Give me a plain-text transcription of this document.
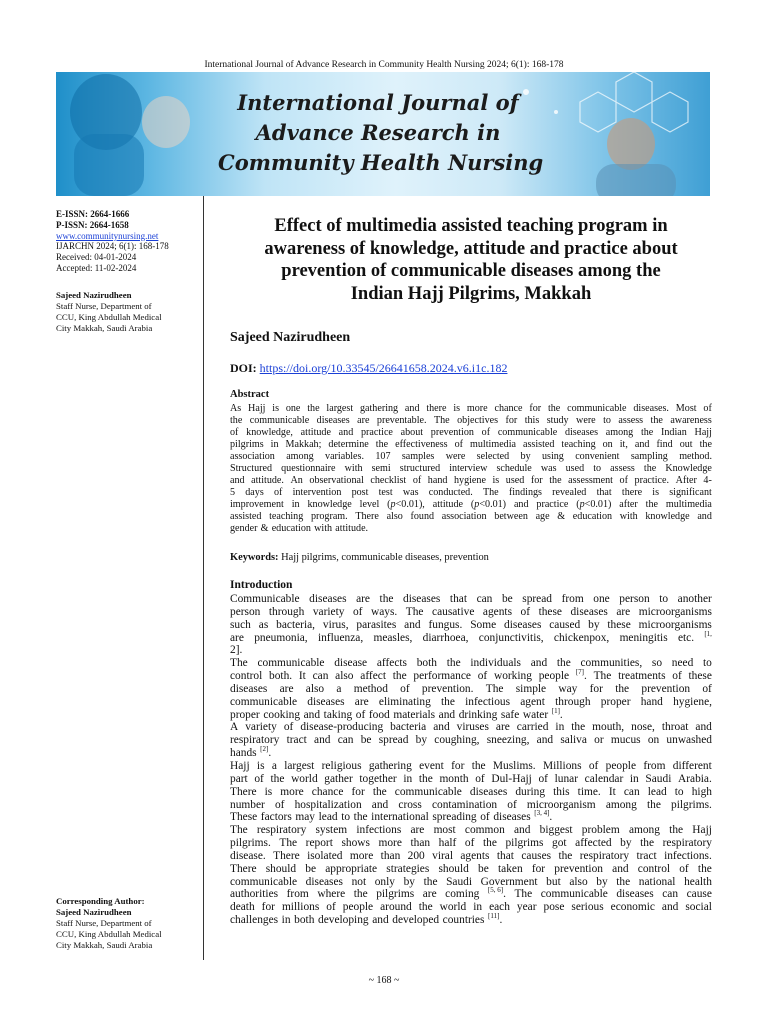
International Journal of Advance Research in Community Health Nursing 2024; 6(1): 168-178
International Journal of
Advance Research in
Community Health Nursing
E-ISSN: 2664-1666
P-ISSN: 2664-1658
www.communitynursing.net
IJARCHN 2024; 6(1): 168-178
Received: 04-01-2024
Accepted: 11-02-2024
Sajeed Nazirudheen
Staff Nurse, Department of
CCU, King Abdullah Medical
City Makkah, Saudi Arabia
Corresponding Author:
Sajeed Nazirudheen
Staff Nurse, Department of
CCU, King Abdullah Medical
City Makkah, Saudi Arabia
Effect of multimedia assisted teaching program in
awareness of knowledge, attitude and practice about
prevention of communicable diseases among the
Indian Hajj Pilgrims, Makkah
Sajeed Nazirudheen
DOI: https://doi.org/10.33545/26641658.2024.v6.i1c.182
Abstract
As Hajj is one the largest gathering and there is more chance for the communicable diseases. Most of
the communicable diseases are preventable. The objectives for this study were to assess the awareness
of knowledge, attitude and practice about prevention of communicable diseases among the Indian Hajj
pilgrims in Makkah; determine the effectiveness of multimedia assisted teaching on it, and find out the
association among variables. 107 samples were selected by using convenient sampling method.
Structured questionnaire with semi structured interview schedule was used to assess the Knowledge
and attitude. An observational checklist of hand hygiene is used for the assessment of practice. After 4-
5 days of intervention post test was conducted. The findings revealed that there is significant
improvement in knowledge level (p<0.01), attitude (p<0.01) and practice (p<0.01) after the multimedia
assisted teaching program. There also found association between age & education with knowledge and
gender & education with attitude.
Keywords: Hajj pilgrims, communicable diseases, prevention
Introduction
Communicable diseases are the diseases that can be spread from one person to another
person through variety of ways. The causative agents of these diseases are microorganisms
such as bacteria, virus, parasites and fungus. Some diseases caused by these microorganisms
are pneumonia, influenza, measles, diarrhoea, conjunctivitis, chickenpox, meningitis etc. $^{[1,}$
2].
The communicable disease affects both the individuals and the communities, so need to
control both. It can also affect the performance of working people [7]. The treatments of these
diseases are also a method of prevention. The simple way for the prevention of
communicable diseases are eliminating the infectious agent through proper hand hygiene,
proper cooking and taking of food materials and drinking safe water [1].
A variety of disease-producing bacteria and viruses are carried in the mouth, nose, throat and
respiratory tract and can be spread by coughing, sneezing, and saliva or mucus on unwashed
hands [2].
Hajj is a largest religious gathering event for the Muslims. Millions of people from different
part of the world gather together in the month of Dul-Hajj of lunar calendar in Saudi Arabia.
There is more chance for the communicable diseases during this time. It can lead to high
number of hospitalization and cross contamination of microorganism among the pilgrims.
These factors may lead to the international spreading of diseases [3, 4].
The respiratory system infections are most common and biggest problem among the Hajj
pilgrims. The report shows more than half of the pilgrims got affected by the respiratory
disease. There isolated more than 200 viral agents that causes the respiratory tract infections.
There should be appropriate strategies should be taken for prevention and control of the
communicable diseases not only by the Saudi Government but also by the national health
authorities from where the pilgrims are coming [5, 6]. The communicable diseases can cause
death for millions of people around the world in each year pose serious economic and social
challenges in both developing and developed countries [11].
~ 168 ~
